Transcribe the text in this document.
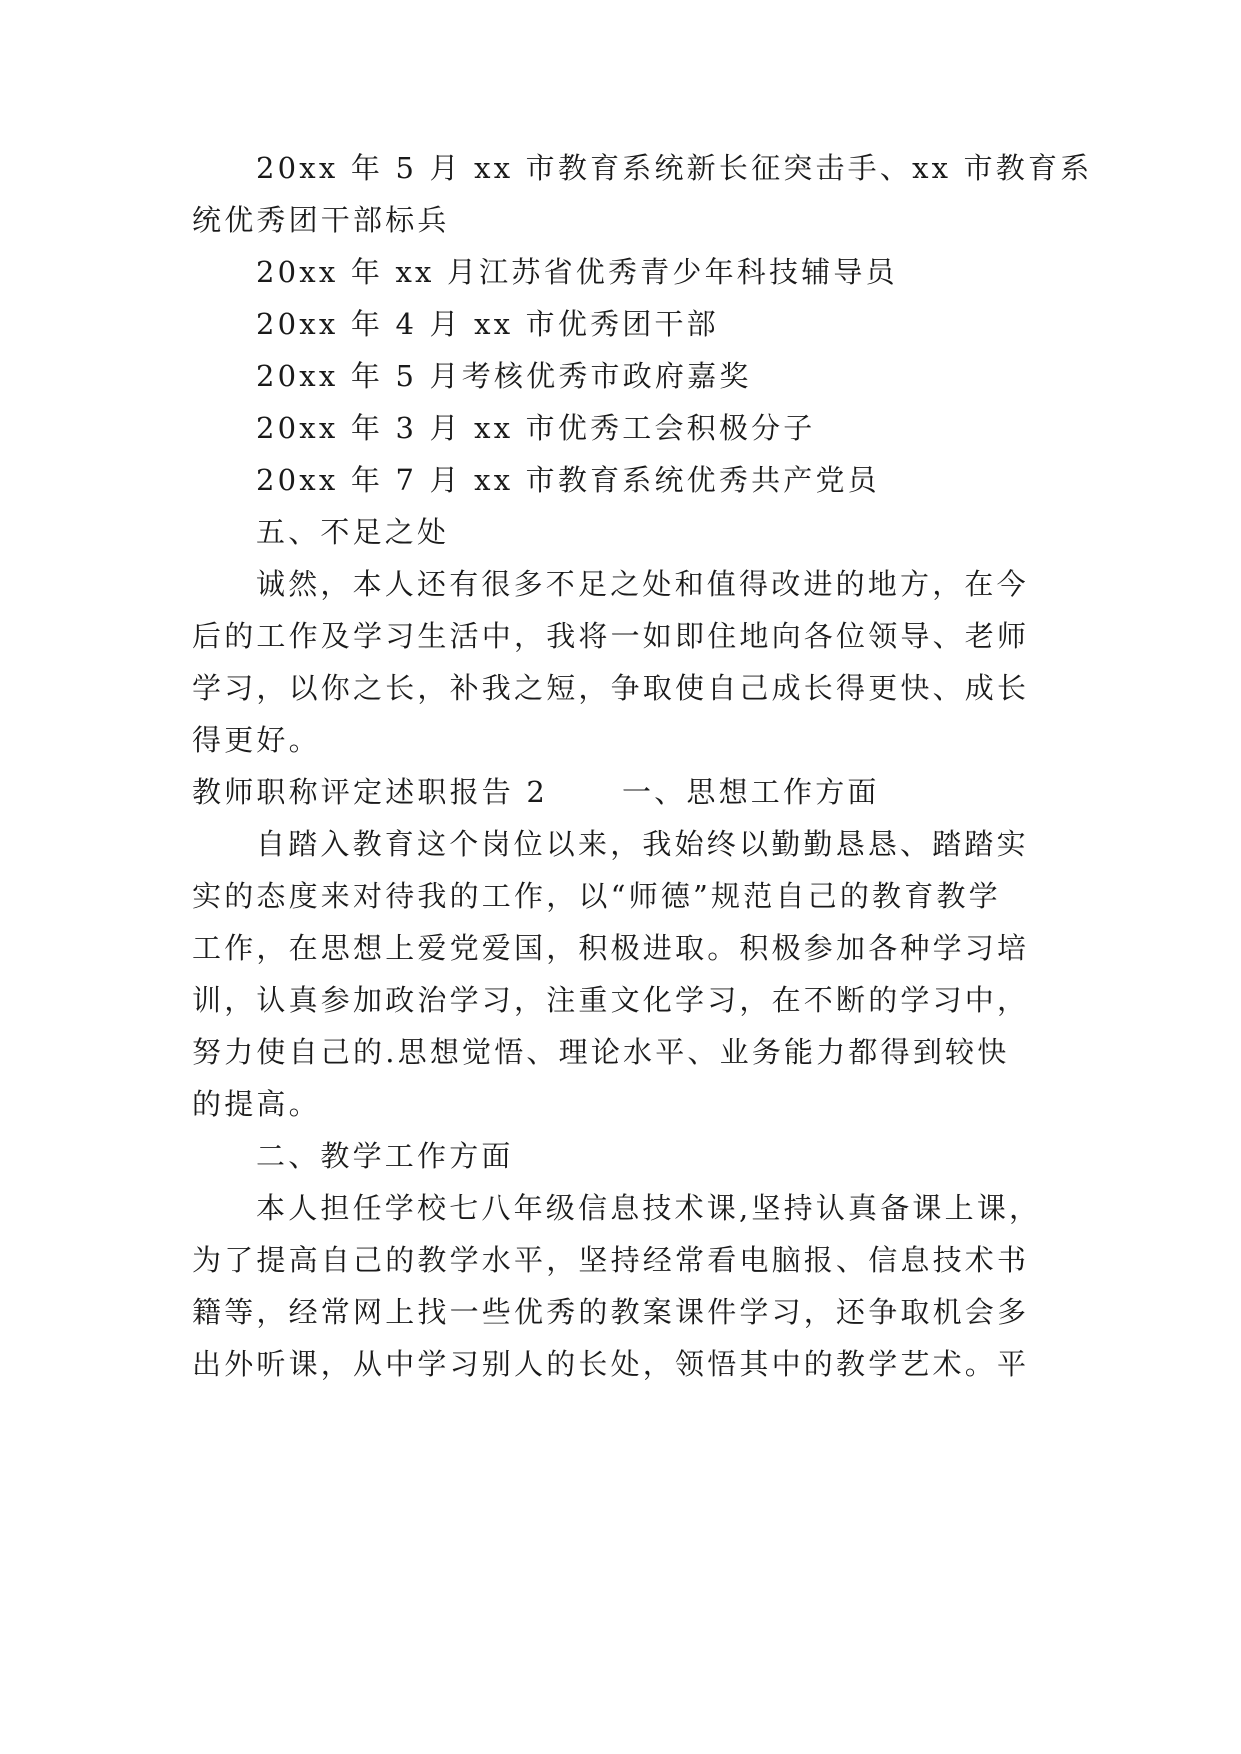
20xx 年 5 月 xx 市教育系统新长征突击手、xx 市教育系
统优秀团干部标兵
20xx 年 xx 月江苏省优秀青少年科技辅导员
20xx 年 4 月 xx 市优秀团干部
20xx 年 5 月考核优秀市政府嘉奖
20xx 年 3 月 xx 市优秀工会积极分子
20xx 年 7 月 xx 市教育系统优秀共产党员
五、不足之处
诚然，本人还有很多不足之处和值得改进的地方，在今
后的工作及学习生活中，我将一如即住地向各位领导、老师
学习，以你之长，补我之短，争取使自己成长得更快、成长
得更好。
教师职称评定述职报告 2	一、思想工作方面
自踏入教育这个岗位以来，我始终以勤勤恳恳、踏踏实
实的态度来对待我的工作，以“师德”规范自己的教育教学
工作，在思想上爱党爱国，积极进取。积极参加各种学习培
训，认真参加政治学习，注重文化学习，在不断的学习中，
努力使自己的.思想觉悟、理论水平、业务能力都得到较快
的提高。
二、教学工作方面
本人担任学校七八年级信息技术课,坚持认真备课上课，
为了提高自己的教学水平，坚持经常看电脑报、信息技术书
籍等，经常网上找一些优秀的教案课件学习，还争取机会多
出外听课，从中学习别人的长处，领悟其中的教学艺术。平
